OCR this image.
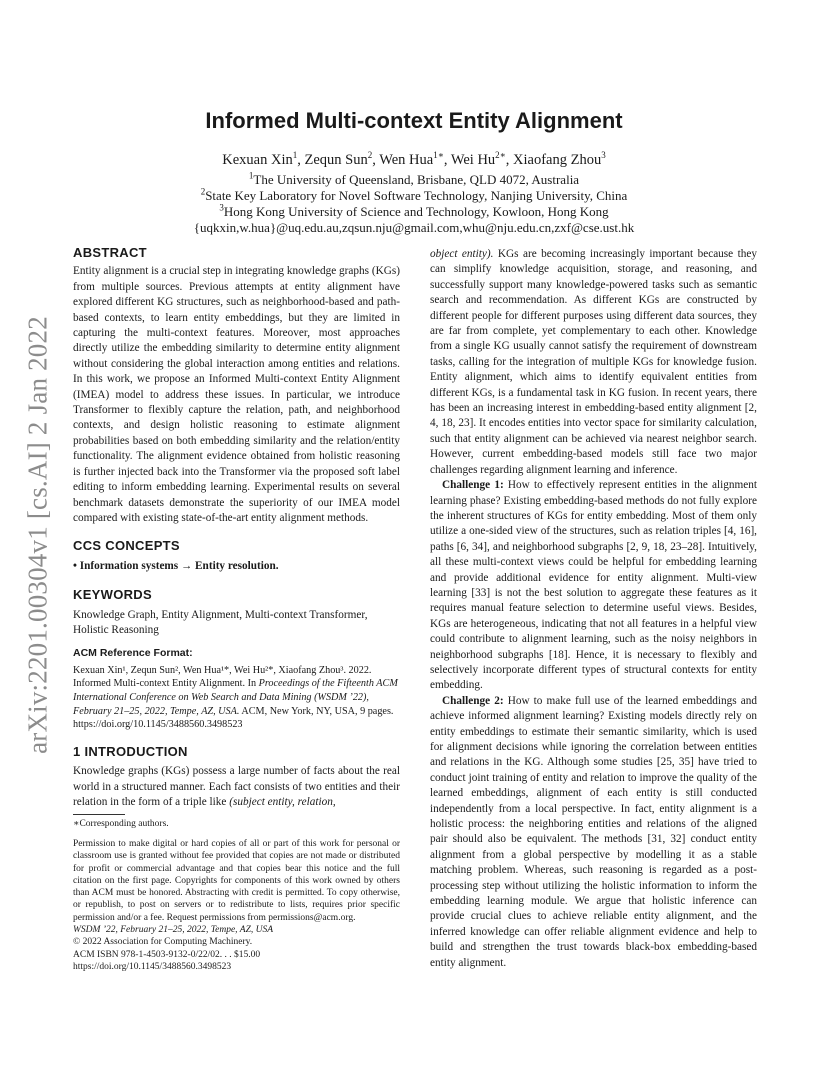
arXiv:2201.00304v1 [cs.AI] 2 Jan 2022
Informed Multi-context Entity Alignment
Kexuan Xin$^1$, Zequn Sun$^2$, Wen Hua$^{1∗}$, Wei $Hu^{2∗}$, Xiaofang Zhou$^3$
$^1$The University of Queensland, Brisbane, QLD 4072, Australia
$^2$State Key Laboratory for Novel Software Technology, Nanjing University, China
$^3$Hong Kong University of Science and Technology, Kowloon, Hong Kong
{uqkxin,w.hua}@uq.edu.au,zqsun.nju@gmail.com,whu@nju.edu.cn,zxf@cse.ust.hk
ABSTRACT

Entity alignment is a crucial step in integrating knowledge graphs (KGs) from multiple sources. Previous attempts at entity alignment have explored different KG structures, such as neighborhood-based and path-based contexts, to learn entity embeddings, but they are limited in capturing the multi-context features. Moreover, most approaches directly utilize the embedding similarity to determine entity alignment without considering the global interaction among entities and relations. In this work, we propose an Informed Multi-context Entity Alignment (IMEA) model to address these issues. In particular, we introduce Transformer to flexibly capture the relation, path, and neighborhood contexts, and design holistic reasoning to estimate alignment probabilities based on both embedding similarity and the relation/entity functionality. The alignment evidence obtained from holistic reasoning is further injected back into the Transformer via the proposed soft label editing to inform embedding learning. Experimental results on several benchmark datasets demonstrate the superiority of our IMEA model compared with existing state-of-the-art entity alignment methods.

CCS CONCEPTS

• Information systems → Entity resolution.

KEYWORDS

Knowledge Graph, Entity Alignment, Multi-context Transformer, Holistic Reasoning

ACM Reference Format:

Kexuan Xin¹, Zequn Sun², Wen Hua¹*, Wei Hu²*, Xiaofang Zhou³. 2022. Informed Multi-context Entity Alignment. In Proceedings of the Fifteenth ACM International Conference on Web Search and Data Mining (WSDM ’22), February 21–25, 2022, Tempe, AZ, USA. ACM, New York, NY, USA, 9 pages. https://doi.org/10.1145/3488560.3498523

1 INTRODUCTION

Knowledge graphs (KGs) possess a large number of facts about the real world in a structured manner. Each fact consists of two entities and their relation in the form of a triple like (subject entity, relation,

∗Corresponding authors.

Permission to make digital or hard copies of all or part of this work for personal or classroom use is granted without fee provided that copies are not made or distributed for profit or commercial advantage and that copies bear this notice and the full citation on the first page. Copyrights for components of this work owned by others than ACM must be honored. Abstracting with credit is permitted. To copy otherwise, or republish, to post on servers or to redistribute to lists, requires prior specific permission and/or a fee. Request permissions from permissions@acm.org.

WSDM ’22, February 21–25, 2022, Tempe, AZ, USA

© 2022 Association for Computing Machinery.

ACM ISBN 978-1-4503-9132-0/22/02. . . $15.00

https://doi.org/10.1145/3488560.3498523

object entity). KGs are becoming increasingly important because they can simplify knowledge acquisition, storage, and reasoning, and successfully support many knowledge-powered tasks such as semantic search and recommendation. As different KGs are constructed by different people for different purposes using different data sources, they are far from complete, yet complementary to each other. Knowledge from a single KG usually cannot satisfy the requirement of downstream tasks, calling for the integration of multiple KGs for knowledge fusion. Entity alignment, which aims to identify equivalent entities from different KGs, is a fundamental task in KG fusion. In recent years, there has been an increasing interest in embedding-based entity alignment [2, 4, 18, 23]. It encodes entities into vector space for similarity calculation, such that entity alignment can be achieved via nearest neighbor search. However, current embedding-based models still face two major challenges regarding alignment learning and inference.

Challenge 1: How to effectively represent entities in the alignment learning phase? Existing embedding-based methods do not fully explore the inherent structures of KGs for entity embedding. Most of them only utilize a one-sided view of the structures, such as relation triples [4, 16], paths [6, 34], and neighborhood subgraphs [2, 9, 18, 23–28]. Intuitively, all these multi-context views could be helpful for embedding learning and provide additional evidence for entity alignment. Multi-view learning [33] is not the best solution to aggregate these features as it requires manual feature selection to determine useful views. Besides, KGs are heterogeneous, indicating that not all features in a helpful view could contribute to alignment learning, such as the noisy neighbors in neighborhood subgraphs [18]. Hence, it is necessary to flexibly and selectively incorporate different types of structural contexts for entity embedding.

Challenge 2: How to make full use of the learned embeddings and achieve informed alignment learning? Existing models directly rely on entity embeddings to estimate their semantic similarity, which is used for alignment decisions while ignoring the correlation between entities and relations in the KG. Although some studies [25, 35] have tried to conduct joint training of entity and relation to improve the quality of the learned embeddings, alignment of each entity is still conducted independently from a local perspective. In fact, entity alignment is a holistic process: the neighboring entities and relations of the aligned pair should also be equivalent. The methods [31, 32] conduct entity alignment from a global perspective by modelling it as a stable matching problem. Whereas, such reasoning is regarded as a post-processing step without utilizing the holistic information to inform the embedding learning module. We argue that holistic inference can provide crucial clues to achieve reliable entity alignment, and the inferred knowledge can offer reliable alignment evidence and help to build and strengthen the trust towards black-box embedding-based entity alignment.
